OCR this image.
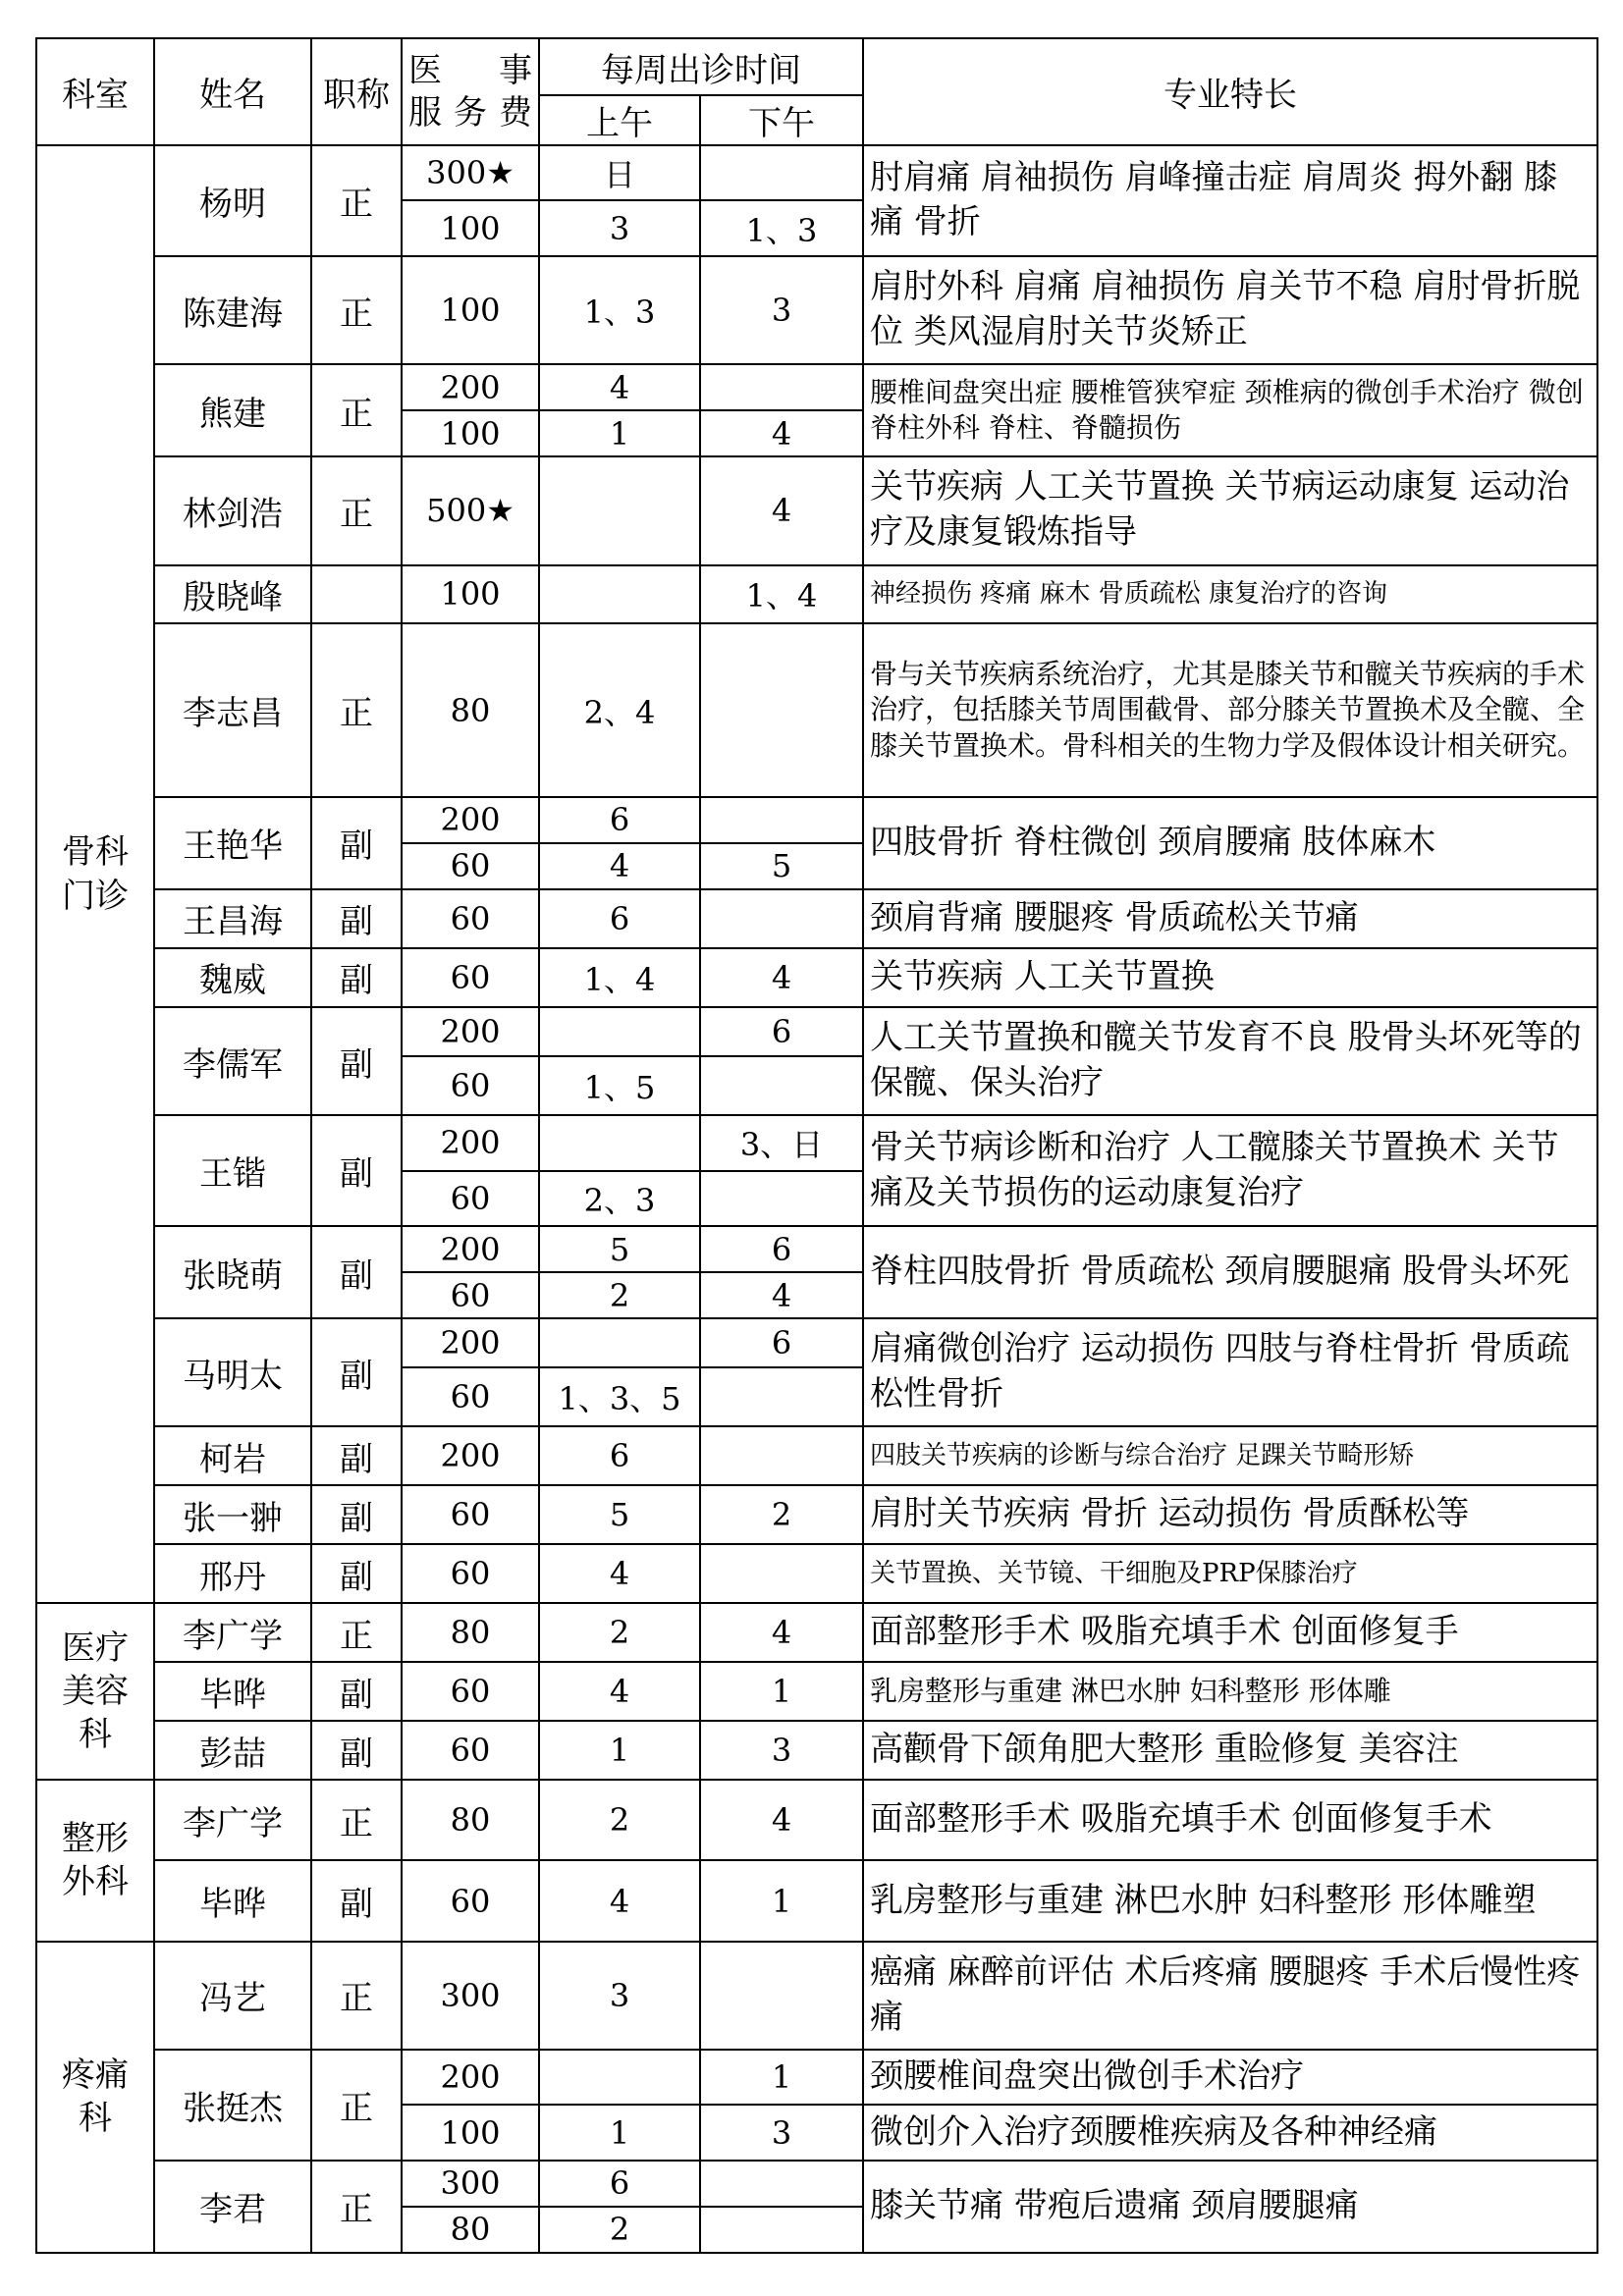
科室	姓名	职称	医　事
服务费	每周出诊时间		专业特长
				上午	下午	
骨科门诊	杨明	正	300★	日		肘肩痛 肩袖损伤 肩峰撞击症 肩周炎 拇外翻 膝痛 骨折
			100	3	1、3	
	陈建海	正	100	1、3	3	肩肘外科 肩痛 肩袖损伤 肩关节不稳 肩肘骨折脱位 类风湿肩肘关节炎矫正
	熊建	正	200	4		腰椎间盘突出症 腰椎管狭窄症 颈椎病的微创手术治疗 微创脊柱外科 脊柱、脊髓损伤
			100	1	4	
	林剑浩	正	500★		4	关节疾病 人工关节置换 关节病运动康复 运动治疗及康复锻炼指导
	殷晓峰		100		1、4	神经损伤 疼痛 麻木 骨质疏松 康复治疗的咨询
	李志昌	正	80	2、4		骨与关节疾病系统治疗，尤其是膝关节和髋关节疾病的手术治疗，包括膝关节周围截骨、部分膝关节置换术及全髋、全膝关节置换术。骨科相关的生物力学及假体设计相关研究。
	王艳华	副	200	6		四肢骨折 脊柱微创 颈肩腰痛 肢体麻木
			60	4	5	
	王昌海	副	60	6		颈肩背痛 腰腿疼 骨质疏松关节痛
	魏威	副	60	1、4	4	关节疾病 人工关节置换
	李儒军	副	200		6	人工关节置换和髋关节发育不良 股骨头坏死等的保髋、保头治疗
			60	1、5		
	王锴	副	200		3、日	骨关节病诊断和治疗 人工髋膝关节置换术 关节痛及关节损伤的运动康复治疗
			60	2、3		
	张晓萌	副	200	5	6	脊柱四肢骨折 骨质疏松 颈肩腰腿痛 股骨头坏死
			60	2	4	
	马明太	副	200		6	肩痛微创治疗 运动损伤 四肢与脊柱骨折 骨质疏松性骨折
			60	1、3、5		
	柯岩	副	200	6		四肢关节疾病的诊断与综合治疗 足踝关节畸形矫
	张一翀	副	60	5	2	肩肘关节疾病 骨折 运动损伤 骨质酥松等
	邢丹	副	60	4		关节置换、关节镜、干细胞及PRP保膝治疗
医疗美容科	李广学	正	80	2	4	面部整形手术 吸脂充填手术 创面修复手
	毕晔	副	60	4	1	乳房整形与重建 淋巴水肿 妇科整形 形体雕
	彭喆	副	60	1	3	高颧骨下颌角肥大整形 重睑修复 美容注
整形外科	李广学	正	80	2	4	面部整形手术 吸脂充填手术 创面修复手术
	毕晔	副	60	4	1	乳房整形与重建 淋巴水肿 妇科整形 形体雕塑
疼痛科	冯艺	正	300	3		癌痛 麻醉前评估 术后疼痛 腰腿疼 手术后慢性疼痛
	张挺杰	正	200		1	颈腰椎间盘突出微创手术治疗
			100	1	3	微创介入治疗颈腰椎疾病及各种神经痛
	李君	正	300	6		膝关节痛 带疱后遗痛 颈肩腰腿痛
			80	2		
